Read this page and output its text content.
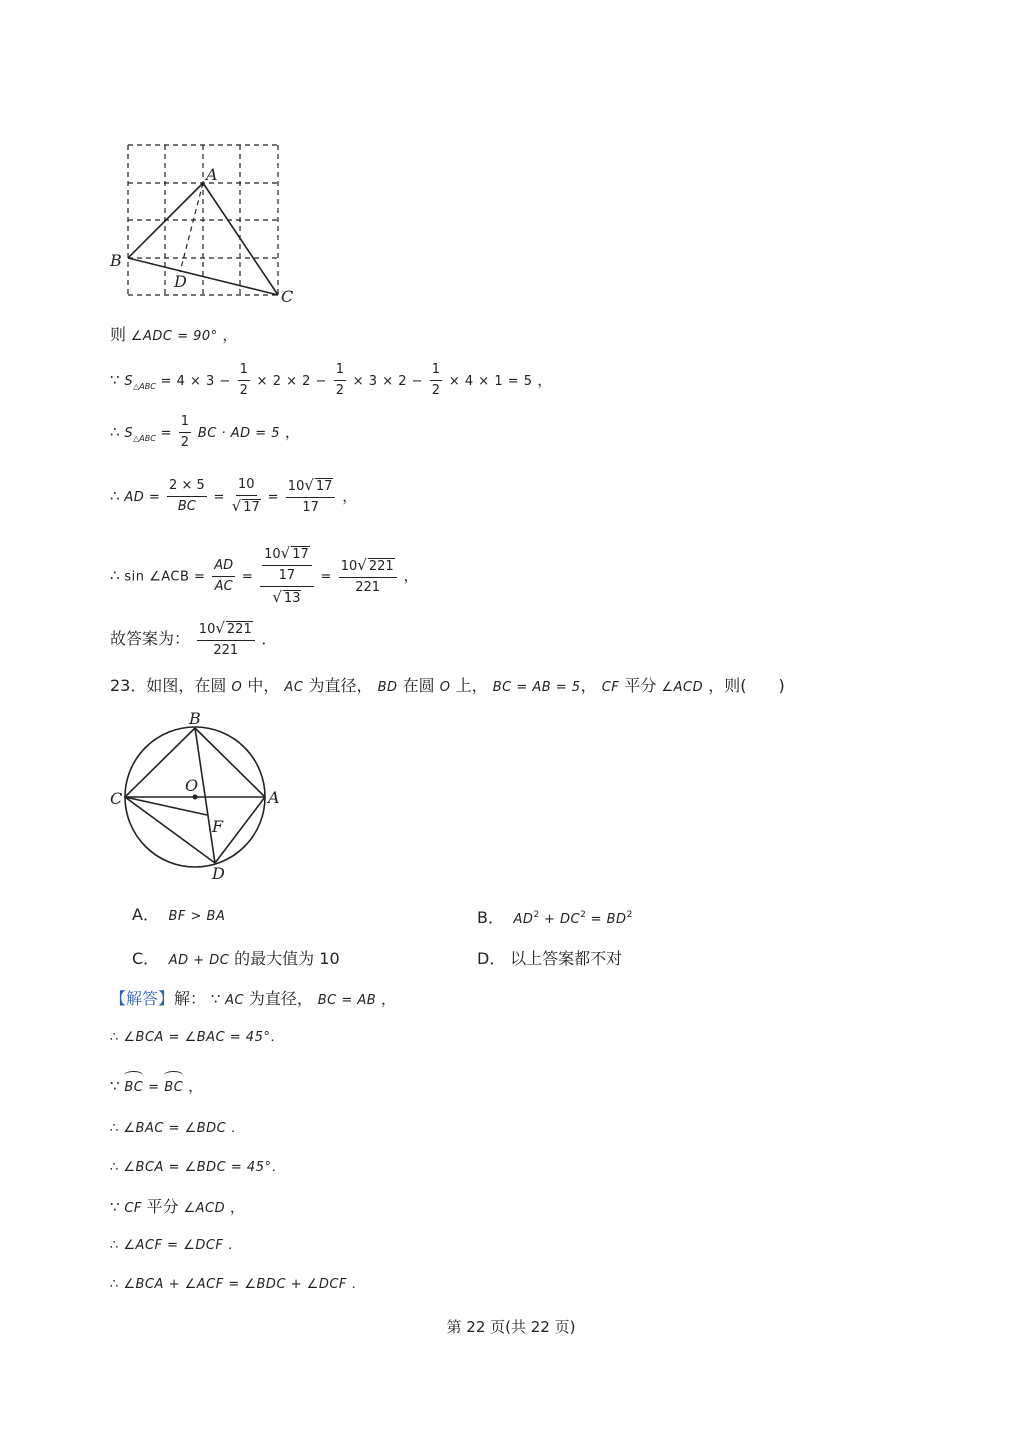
A
B
C
D
则 ∠ADC = 90° ，
∵ $S_{\triangle ABC} = 4 \times 3 - \frac{1}{2} \times 2 \times 2 - \frac{1}{2} \times 3 \times 2 - \frac{1}{2} \times 4 \times 1 = 5$ ，
∴ $S_{\triangle ABC} = \frac{1}{2}$ BC · AD = 5 ，
∴ AD = $\frac{2 \times 5}{BC} = \frac{10}{√ 17} = \frac{10√ 17}{17}$ ，
∴ sin ∠ACB = $\frac{AD}{AC} = \frac{\frac{10√ 17}{17}}{√ 13} = \frac{10√ 221}{221}$ ，
故答案为： $\frac{10√ 221}{221}$ ．
23．如图，在圆 O 中， AC 为直径， BD 在圆 O 上， BC = AB = 5， CF 平分 ∠ACD ，则(　　)
B
C
O
A
F
D
A． BF > BA	B． $AD^2 + DC^2 = BD^2$
C． AD + DC 的最大值为 10	D． 以上答案都不对
【解答】解： ∵ AC 为直径， BC = AB ，
∴ ∠BCA = ∠BAC = 45°．
∵ BC = BC ，
∴ ∠BAC = ∠BDC ．
∴ ∠BCA = ∠BDC = 45°．
∵ CF 平分 ∠ACD ，
∴ ∠ACF = ∠DCF ．
∴ ∠BCA + ∠ACF = ∠BDC + ∠DCF ．
第 22 页(共 22 页)
